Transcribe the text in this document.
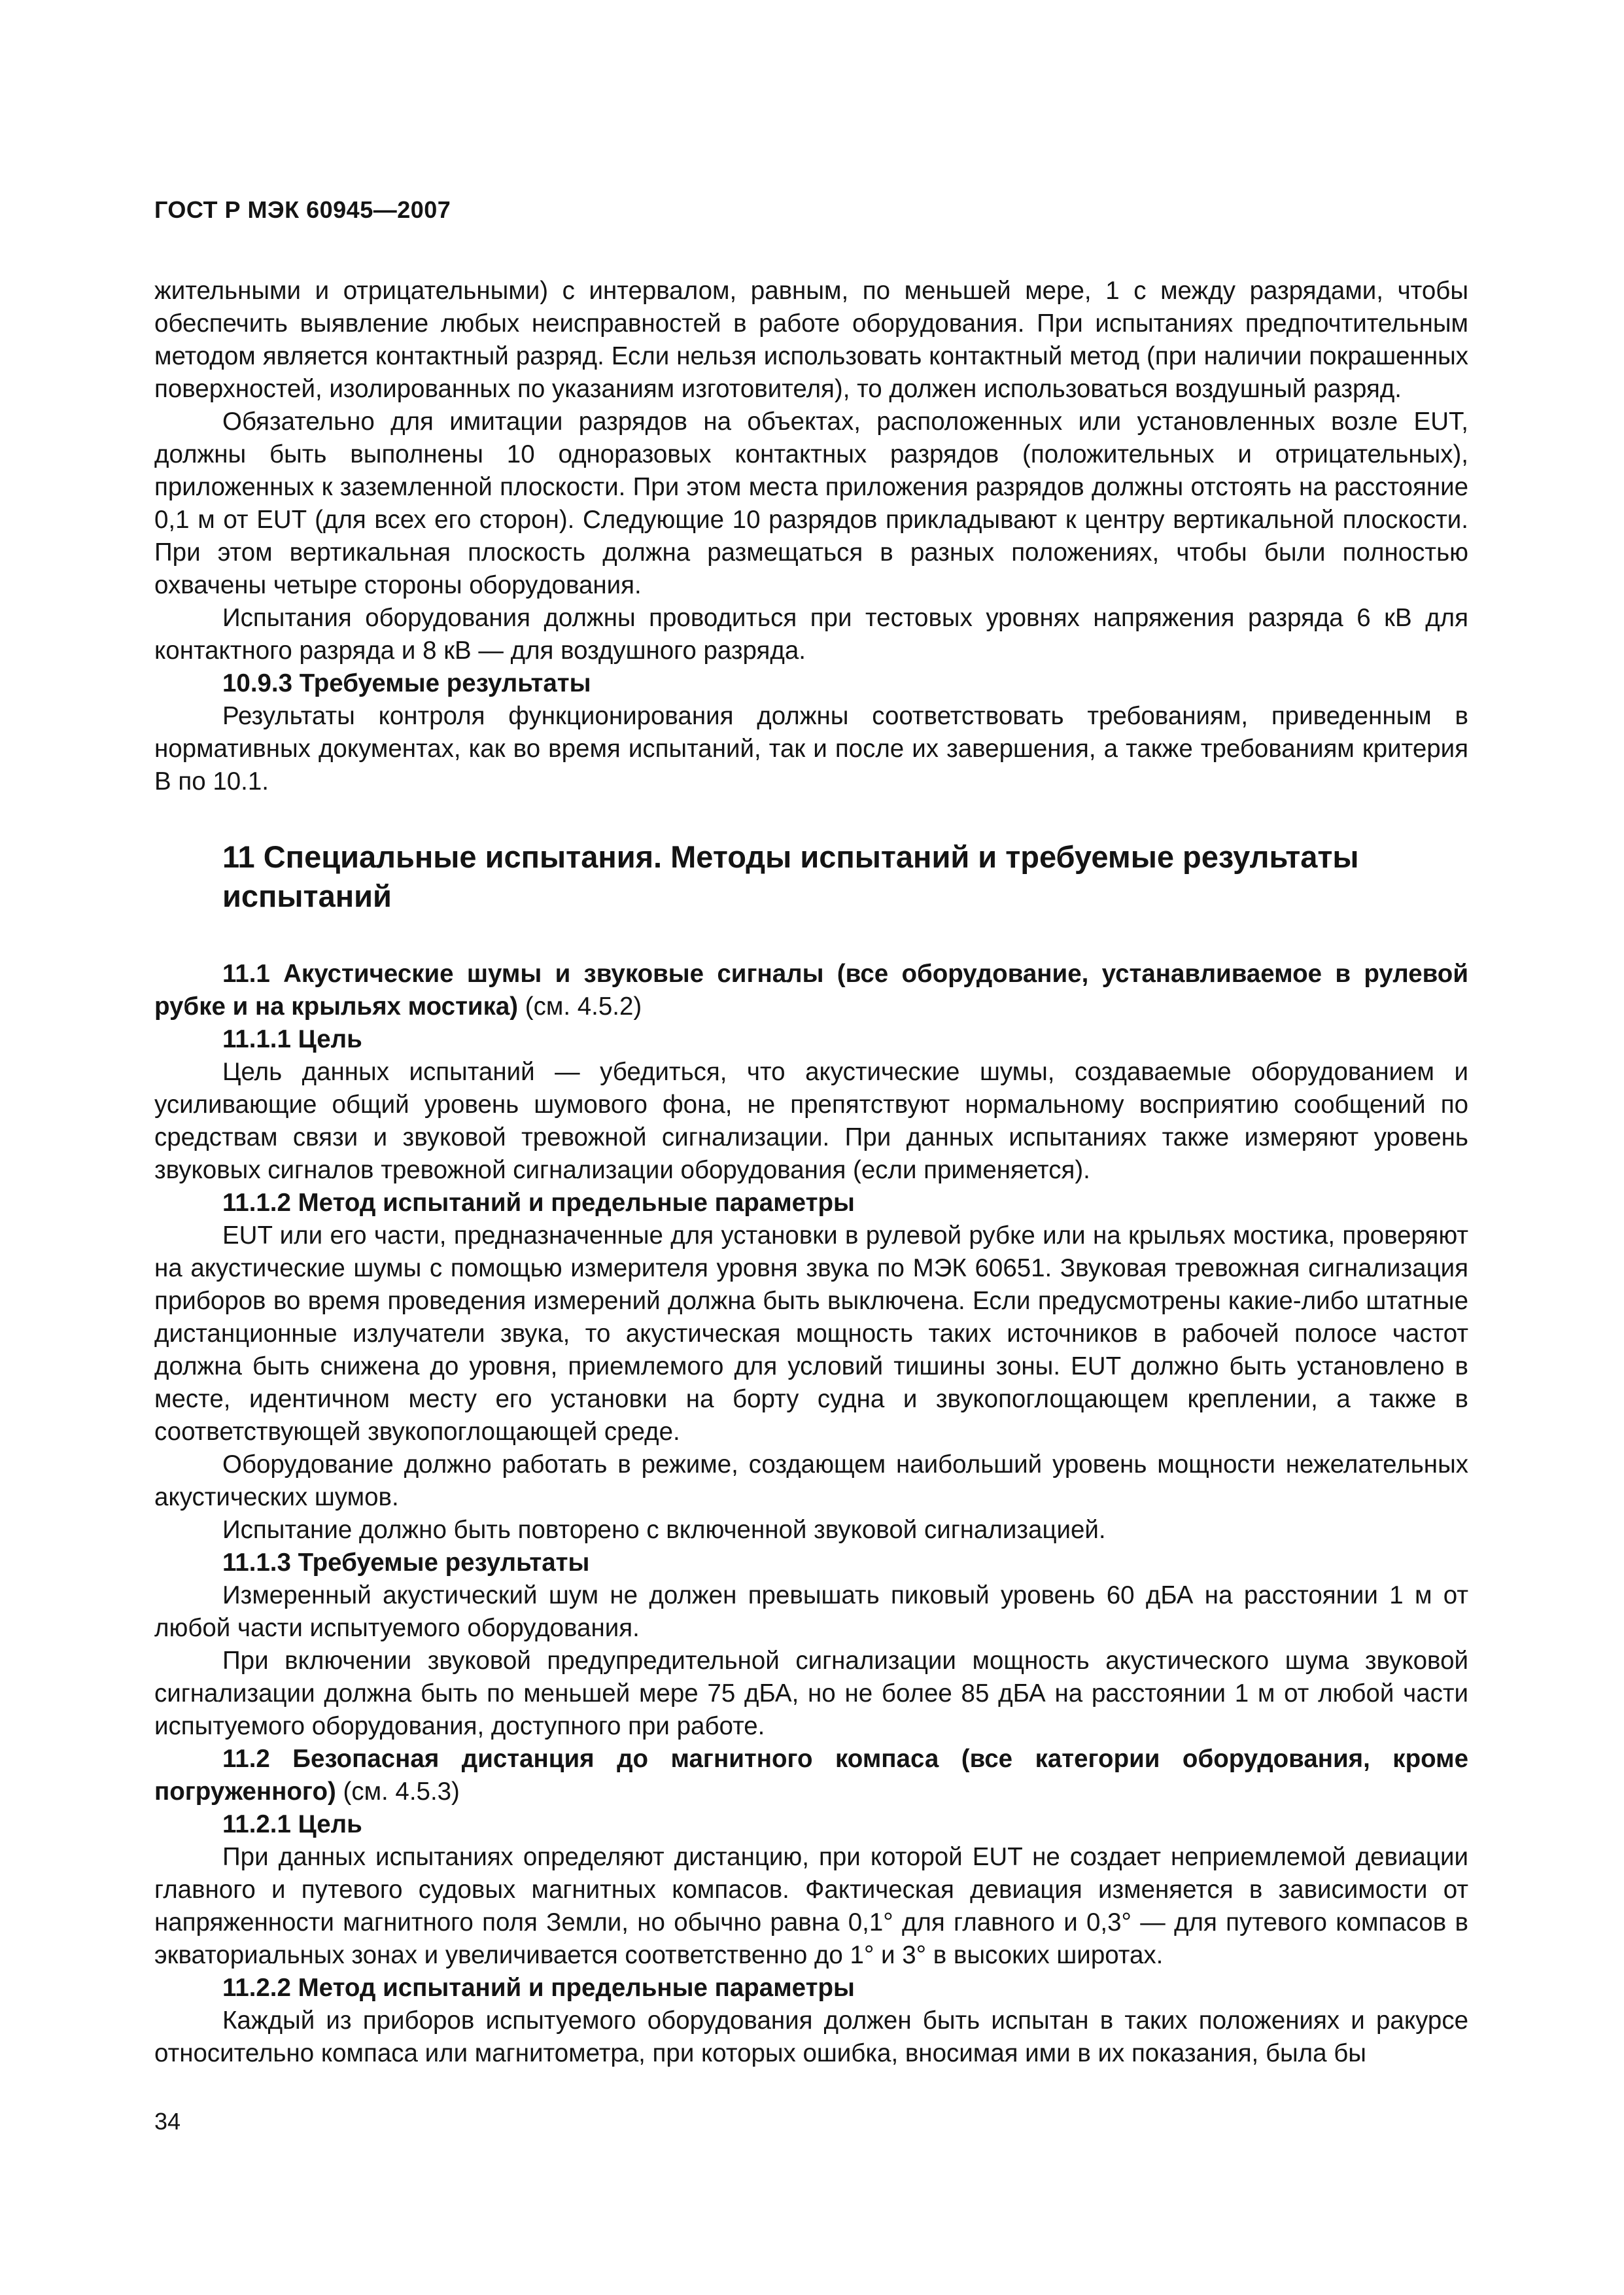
ГОСТ Р МЭК 60945—2007

жительными и отрицательными) с интервалом, равным, по меньшей мере, 1 с между разрядами, чтобы обеспечить выявление любых неисправностей в работе оборудования. При испытаниях предпочтительным методом является контактный разряд. Если нельзя использовать контактный метод (при наличии покрашенных поверхностей, изолированных по указаниям изготовителя), то должен использоваться воздушный разряд.

Обязательно для имитации разрядов на объектах, расположенных или установленных возле EUT, должны быть выполнены 10 одноразовых контактных разрядов (положительных и отрицательных), приложенных к заземленной плоскости. При этом места приложения разрядов должны отстоять на расстояние 0,1 м от EUT (для всех его сторон). Следующие 10 разрядов прикладывают к центру вертикальной плоскости. При этом вертикальная плоскость должна размещаться в разных положениях, чтобы были полностью охвачены четыре стороны оборудования.

Испытания оборудования должны проводиться при тестовых уровнях напряжения разряда 6 кВ для контактного разряда и 8 кВ — для воздушного разряда.

10.9.3 Требуемые результаты

Результаты контроля функционирования должны соответствовать требованиям, приведенным в нормативных документах, как во время испытаний, так и после их завершения, а также требованиям критерия В по 10.1.

11 Специальные испытания. Методы испытаний и требуемые результаты испытаний

11.1 Акустические шумы и звуковые сигналы (все оборудование, устанавливаемое в рулевой рубке и на крыльях мостика) (см. 4.5.2)

11.1.1 Цель

Цель данных испытаний — убедиться, что акустические шумы, создаваемые оборудованием и усиливающие общий уровень шумового фона, не препятствуют нормальному восприятию сообщений по средствам связи и звуковой тревожной сигнализации. При данных испытаниях также измеряют уровень звуковых сигналов тревожной сигнализации оборудования (если применяется).

11.1.2 Метод испытаний и предельные параметры

EUT или его части, предназначенные для установки в рулевой рубке или на крыльях мостика, проверяют на акустические шумы с помощью измерителя уровня звука по МЭК 60651. Звуковая тревожная сигнализация приборов во время проведения измерений должна быть выключена. Если предусмотрены какие-либо штатные дистанционные излучатели звука, то акустическая мощность таких источников в рабочей полосе частот должна быть снижена до уровня, приемлемого для условий тишины зоны. EUT должно быть установлено в месте, идентичном месту его установки на борту судна и звукопоглощающем креплении, а также в соответствующей звукопоглощающей среде.

Оборудование должно работать в режиме, создающем наибольший уровень мощности нежелательных акустических шумов.

Испытание должно быть повторено с включенной звуковой сигнализацией.

11.1.3 Требуемые результаты

Измеренный акустический шум не должен превышать пиковый уровень 60 дБА на расстоянии 1 м от любой части испытуемого оборудования.

При включении звуковой предупредительной сигнализации мощность акустического шума звуковой сигнализации должна быть по меньшей мере 75 дБА, но не более 85 дБА на расстоянии 1 м от любой части испытуемого оборудования, доступного при работе.

11.2 Безопасная дистанция до магнитного компаса (все категории оборудования, кроме погруженного) (см. 4.5.3)

11.2.1 Цель

При данных испытаниях определяют дистанцию, при которой EUT не создает неприемлемой девиации главного и путевого судовых магнитных компасов. Фактическая девиация изменяется в зависимости от напряженности магнитного поля Земли, но обычно равна 0,1° для главного и 0,3° — для путевого компасов в экваториальных зонах и увеличивается соответственно до 1° и 3° в высоких широтах.

11.2.2 Метод испытаний и предельные параметры

Каждый из приборов испытуемого оборудования должен быть испытан в таких положениях и ракурсе относительно компаса или магнитометра, при которых ошибка, вносимая ими в их показания, была бы

34
